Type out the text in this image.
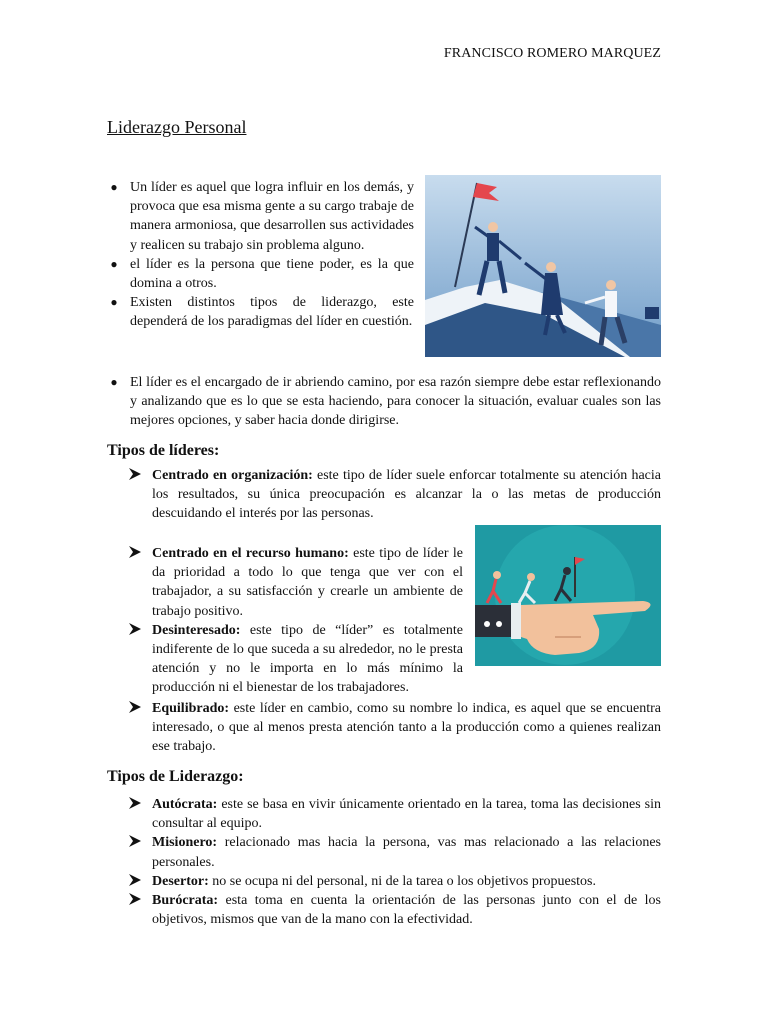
FRANCISCO ROMERO MARQUEZ
Liderazgo Personal
● Un líder es aquel que logra influir en los demás, y provoca que esa misma gente a su cargo trabaje de manera armoniosa, que desarrollen sus actividades y realicen su trabajo sin problema alguno.
● el líder es la persona que tiene poder, es la que domina a otros.
● Existen distintos tipos de liderazgo, este dependerá de los paradigmas del líder en cuestión.
● El líder es el encargado de ir abriendo camino, por esa razón siempre debe estar reflexionando y analizando que es lo que se esta haciendo, para conocer la situación, evaluar cuales son las mejores opciones, y saber hacia donde dirigirse.
Tipos de líderes:
Centrado en organización: este tipo de líder suele enforcar totalmente su atención hacia los resultados, su única preocupación es alcanzar la o las metas de producción descuidando el interés por las personas.
Centrado en el recurso humano: este tipo de líder le da prioridad a todo lo que tenga que ver con el trabajador, a su satisfacción y crearle un ambiente de trabajo positivo.
Desinteresado: este tipo de “líder” es totalmente indiferente de lo que suceda a su alrededor, no le presta atención y no le importa en lo más mínimo la producción ni el bienestar de los trabajadores.
Equilibrado: este líder en cambio, como su nombre lo indica, es aquel que se encuentra interesado, o que al menos presta atención tanto a la producción como a quienes realizan ese trabajo.
Tipos de Liderazgo:
Autócrata: este se basa en vivir únicamente orientado en la tarea, toma las decisiones sin consultar al equipo.
Misionero: relacionado mas hacia la persona, vas mas relacionado a las relaciones personales.
Desertor: no se ocupa ni del personal, ni de la tarea o los objetivos propuestos.
Burócrata: esta toma en cuenta la orientación de las personas junto con el de los objetivos, mismos que van de la mano con la efectividad.
